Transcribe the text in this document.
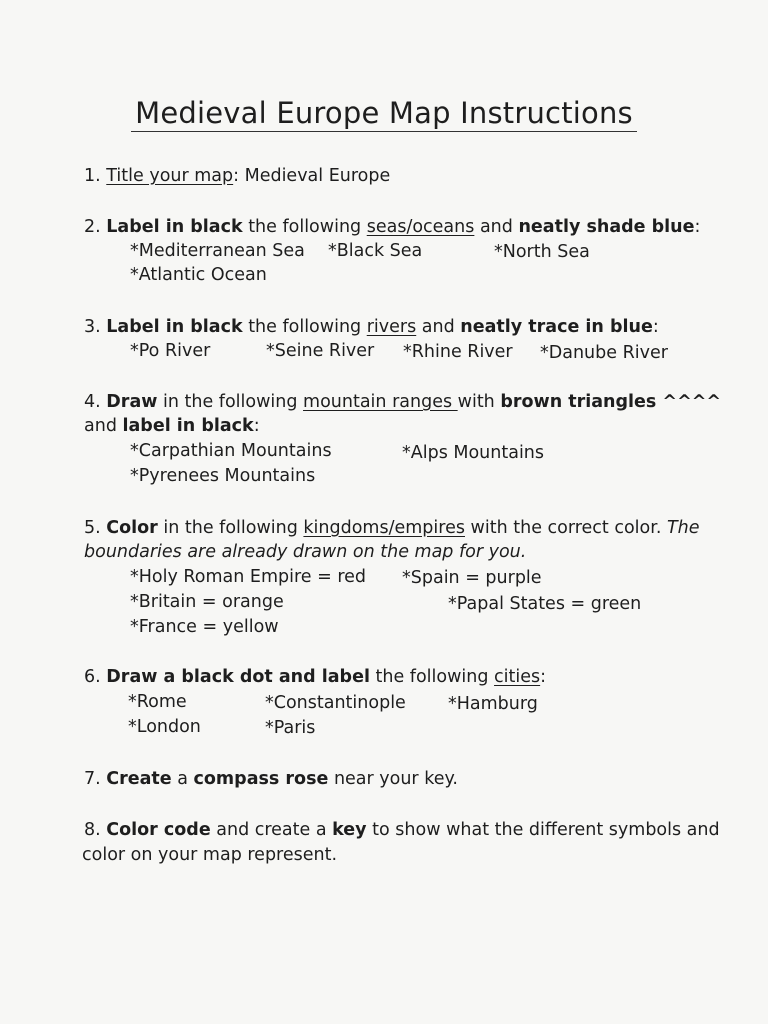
Medieval Europe Map Instructions
1. Title your map: Medieval Europe
2. Label in black the following seas/oceans and neatly shade blue:
*Mediterranean Sea *Black Sea	*North Sea
*Atlantic Ocean
3. Label in black the following rivers and neatly trace in blue:
*Po River	*Seine River *Rhine River *Danube River
4. Draw in the following mountain ranges with brown triangles ^^^^
and label in black:
*Carpathian Mountains	*Alps Mountains
*Pyrenees Mountains
5. Color in the following kingdoms/empires with the correct color. The
boundaries are already drawn on the map for you.
*Holy Roman Empire = red *Spain = purple
*Britain = orange	*Papal States = green
*France = yellow
6. Draw a black dot and label the following cities:
*Rome	*Constantinople *Hamburg
*London	*Paris
7. Create a compass rose near your key.
8. Color code and create a key to show what the different symbols and
color on your map represent.
